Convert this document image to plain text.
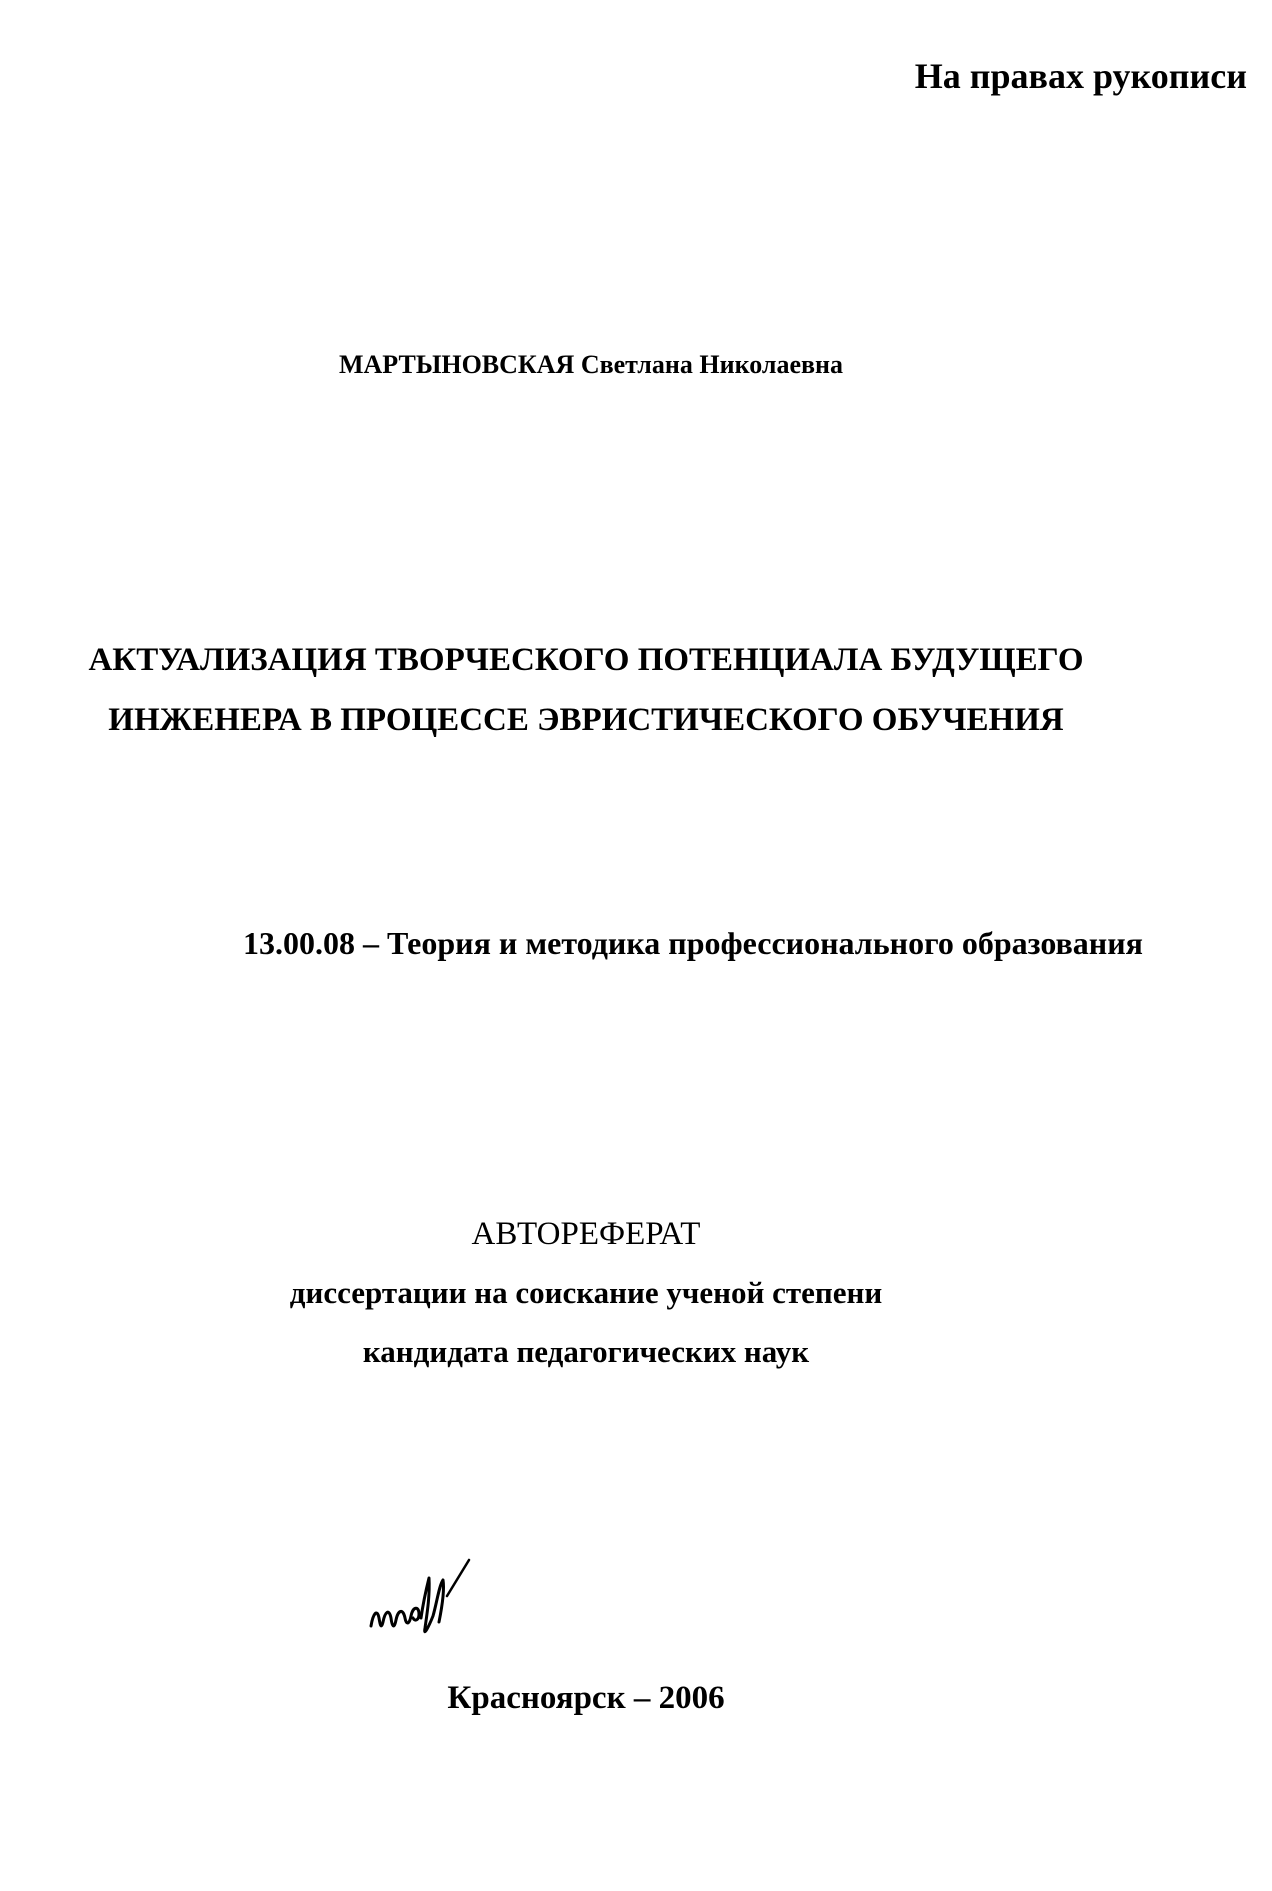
На правах рукописи
МАРТЫНОВСКАЯ Светлана Николаевна
АКТУАЛИЗАЦИЯ ТВОРЧЕСКОГО ПОТЕНЦИАЛА БУДУЩЕГО
ИНЖЕНЕРА В ПРОЦЕССЕ ЭВРИСТИЧЕСКОГО ОБУЧЕНИЯ
13.00.08 – Теория и методика профессионального образования
АВТОРЕФЕРАТ
диссертации на соискание ученой степени
кандидата педагогических наук
Красноярск – 2006
